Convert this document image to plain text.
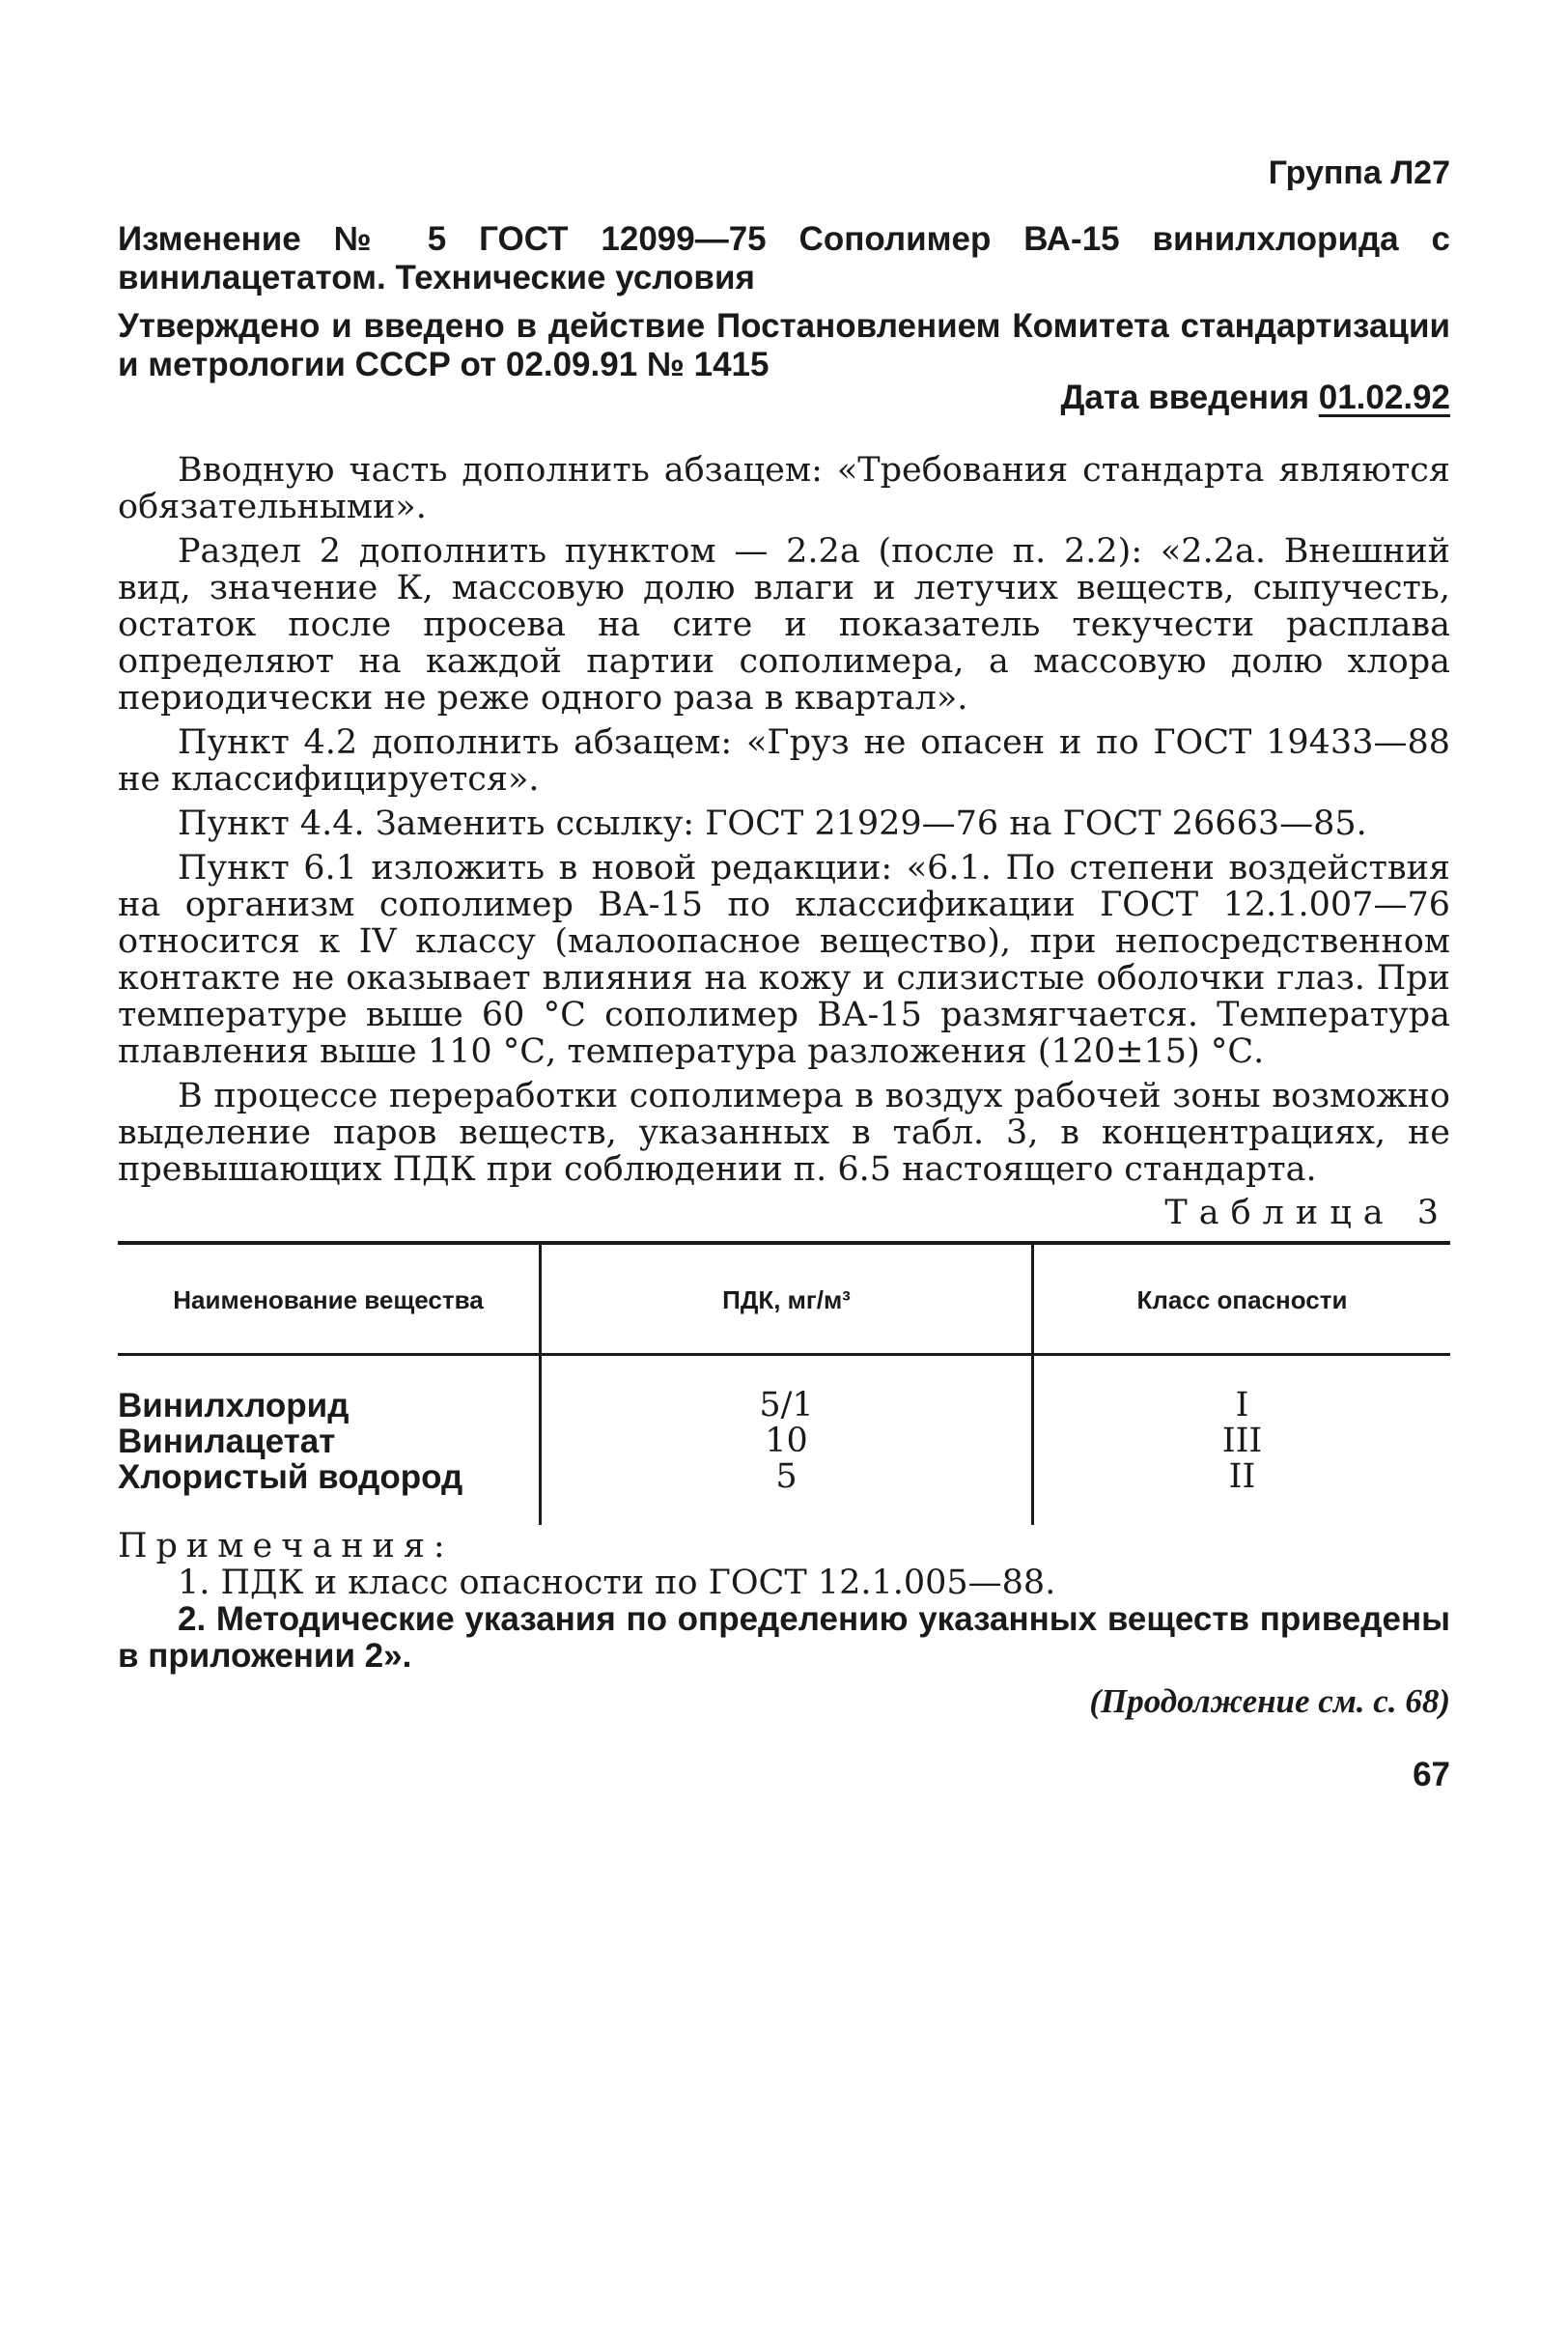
Группа Л27
Изменение № 5 ГОСТ 12099—75 Сополимер ВА-15 винилхлорида с винилацетатом. Технические условия
Утверждено и введено в действие Постановлением Комитета стандартизации и метрологии СССР от 02.09.91 № 1415
Дата введения 01.02.92

Вводную часть дополнить абзацем: «Требования стандарта являются обязательными».

Раздел 2 дополнить пунктом — 2.2а (после п. 2.2): «2.2а. Внешний вид, значение К, массовую долю влаги и летучих веществ, сыпучесть, остаток после просева на сите и показатель текучести расплава определяют на каждой партии сополимера, а массовую долю хлора периодически не реже одного раза в квартал».

Пункт 4.2 дополнить абзацем: «Груз не опасен и по ГОСТ 19433—88 не классифицируется».

Пункт 4.4. Заменить ссылку: ГОСТ 21929—76 на ГОСТ 26663—85.

Пункт 6.1 изложить в новой редакции: «6.1. По степени воздействия на организм сополимер ВА-15 по классификации ГОСТ 12.1.007—76 относится к IV классу (малоопасное вещество), при непосредственном контакте не оказывает влияния на кожу и слизистые оболочки глаз. При температуре выше 60 °С сополимер ВА-15 размягчается. Температура плавления выше 110 °С, температура разложения (120±15) °С.

В процессе переработки сополимера в воздух рабочей зоны возможно выделение паров веществ, указанных в табл. 3, в концентрациях, не превышающих ПДК при соблюдении п. 6.5 настоящего стандарта.

Таблица 3
Наименование вещества	ПДК, мг/м³	Класс опасности
Винилхлорид	5/1	I
Винилацетат	10	III
Хлористый водород	5	II
Примечания:

1. ПДК и класс опасности по ГОСТ 12.1.005—88.

2. Методические указания по определению указанных веществ приведены в приложении 2».

(Продолжение см. с. 68)
67
